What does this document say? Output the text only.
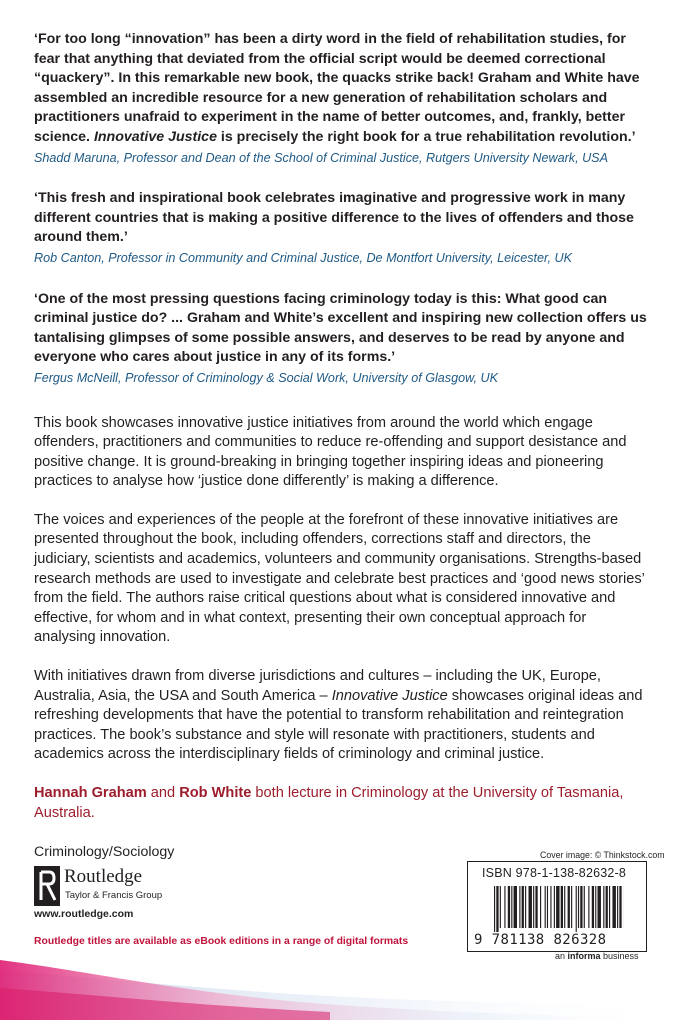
‘For too long “innovation” has been a dirty word in the field of rehabilitation studies, for fear that anything that deviated from the official script would be deemed correctional “quackery”. In this remarkable new book, the quacks strike back! Graham and White have assembled an incredible resource for a new generation of rehabilitation scholars and practitioners unafraid to experiment in the name of better outcomes, and, frankly, better science. Innovative Justice is precisely the right book for a true rehabilitation revolution.’

Shadd Maruna, Professor and Dean of the School of Criminal Justice, Rutgers University Newark, USA

‘This fresh and inspirational book celebrates imaginative and progressive work in many different countries that is making a positive difference to the lives of offenders and those around them.’

Rob Canton, Professor in Community and Criminal Justice, De Montfort University, Leicester, UK

‘One of the most pressing questions facing criminology today is this: What good can criminal justice do? ... Graham and White’s excellent and inspiring new collection offers us tantalising glimpses of some possible answers, and deserves to be read by anyone and everyone who cares about justice in any of its forms.’

Fergus McNeill, Professor of Criminology & Social Work, University of Glasgow, UK

This book showcases innovative justice initiatives from around the world which engage offenders, practitioners and communities to reduce re-offending and support desistance and positive change. It is ground-breaking in bringing together inspiring ideas and pioneering practices to analyse how ‘justice done differently’ is making a difference.

The voices and experiences of the people at the forefront of these innovative initiatives are presented throughout the book, including offenders, corrections staff and directors, the judiciary, scientists and academics, volunteers and community organisations. Strengths-based research methods are used to investigate and celebrate best practices and ‘good news stories’ from the field. The authors raise critical questions about what is considered innovative and effective, for whom and in what context, presenting their own conceptual approach for analysing innovation.

With initiatives drawn from diverse jurisdictions and cultures – including the UK, Europe, Australia, Asia, the USA and South America – Innovative Justice showcases original ideas and refreshing developments that have the potential to transform rehabilitation and reintegration practices. The book’s substance and style will resonate with practitioners, students and academics across the interdisciplinary fields of criminology and criminal justice.

Hannah Graham and Rob White both lecture in Criminology at the University of Tasmania, Australia.

Criminology/Sociology	Cover image: © Thinkstock.com
Routledge
Taylor & Francis Group
www.routledge.com
Routledge titles are available as eBook editions in a range of digital formats
ISBN 978-1-138-82632-8
9 781138 826328
an informa business
